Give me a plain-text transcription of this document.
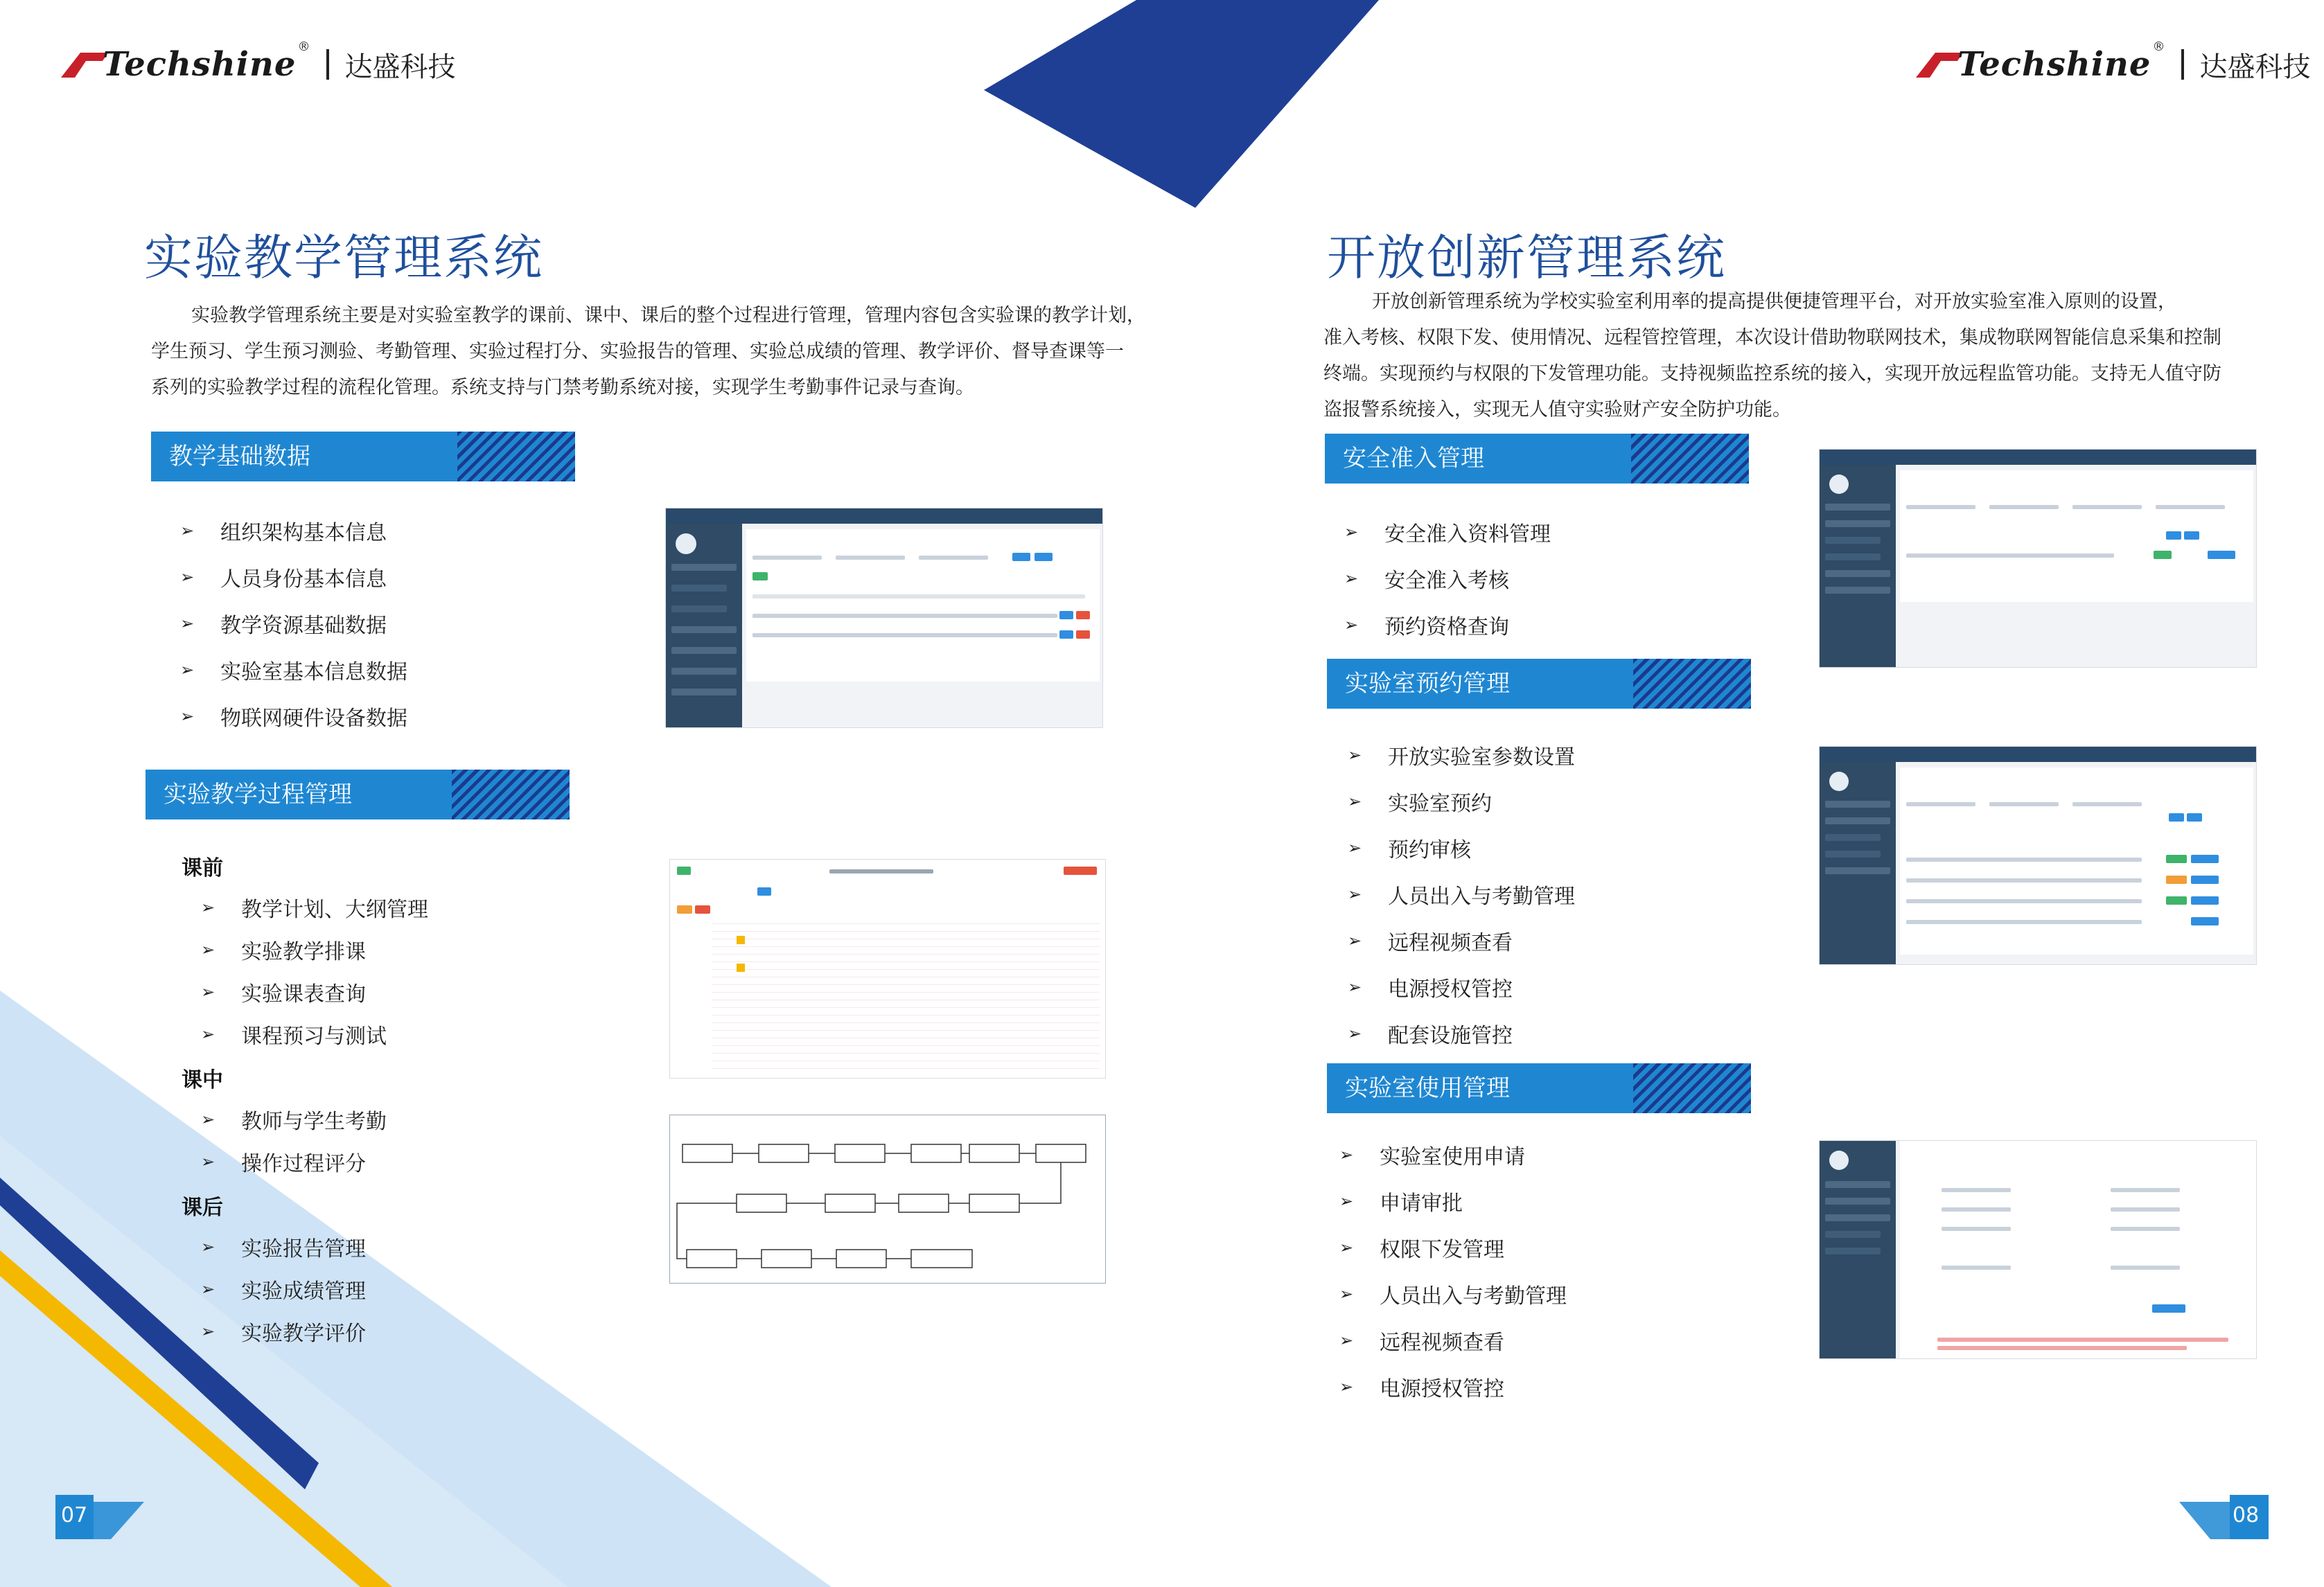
Techshine ®
达盛科技	Techshine ®
达盛科技
实验教学管理系统
实验教学管理系统主要是对实验室教学的课前、课中、课后的整个过程进行管理，管理内容包含实验课的教学计划，
学生预习、学生预习测验、考勤管理、实验过程打分、实验报告的管理、实验总成绩的管理、教学评价、督导查课等一
系列的实验教学过程的流程化管理。系统支持与门禁考勤系统对接，实现学生考勤事件记录与查询。
教学基础数据
➢	组织架构基本信息
➢	人员身份基本信息
➢	教学资源基础数据
➢	实验室基本信息数据
➢	物联网硬件设备数据
实验教学过程管理
课前
➢	教学计划、大纲管理
➢	实验教学排课
➢	实验课表查询
➢	课程预习与测试
课中
➢	教师与学生考勤
➢	操作过程评分
课后
➢	实验报告管理
➢	实验成绩管理
➢	实验教学评价
07
开放创新管理系统
开放创新管理系统为学校实验室利用率的提高提供便捷管理平台，对开放实验室准入原则的设置，
准入考核、权限下发、使用情况、远程管控管理，本次设计借助物联网技术，集成物联网智能信息采集和控制
终端。实现预约与权限的下发管理功能。支持视频监控系统的接入，实现开放远程监管功能。支持无人值守防
盗报警系统接入，实现无人值守实验财产安全防护功能。
安全准入管理
➢	安全准入资料管理
➢	安全准入考核
➢	预约资格查询
实验室预约管理
➢	开放实验室参数设置
➢	实验室预约
➢	预约审核
➢	人员出入与考勤管理
➢	远程视频查看
➢	电源授权管控
➢	配套设施管控
实验室使用管理
➢	实验室使用申请
➢	申请审批
➢	权限下发管理
➢	人员出入与考勤管理
➢	远程视频查看
➢	电源授权管控
08
